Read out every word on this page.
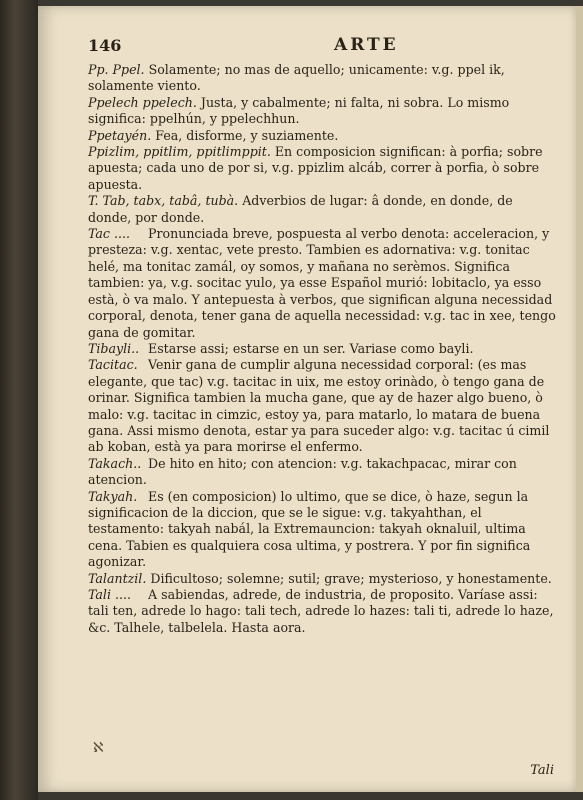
146	ARTE
Pp. Ppel. Solamente; no mas de aquello; unicamente: v.g. ppel ik, solamente viento.
Ppelech ppelech. Justa, y cabalmente; ni falta, ni sobra. Lo mismo significa: ppelhún, y ppelechhun.
Ppetayén. Fea, disforme, y suziamente.
Ppizlim, ppitlim, ppitlimppit. En composicion significan: à porfia; sobre apuesta; cada uno de por si, v.g. ppizlim alcáb, correr à porfia, ò sobre apuesta.
T. Tab, tabx, tabâ, tubà. Adverbios de lugar: â donde, en donde, de donde, por donde.
Tac .... Pronunciada breve, pospuesta al verbo denota: acceleracion, y presteza: v.g. xentac, vete presto. Tambien es adornativa: v.g. tonitac helé, ma tonitac zamál, oy somos, y mañana no serèmos. Significa tambien: ya, v.g. socitac yulo, ya esse Español murió: lobitaclo, ya esso està, ò va malo. Y antepuesta à verbos, que significan alguna necessidad corporal, denota, tener gana de aquella necessidad: v.g. tac in xee, tengo gana de gomitar.
Tibayli.. Estarse assi; estarse en un ser. Variase como bayli.
Tacitac. Venir gana de cumplir alguna necessidad corporal: (es mas elegante, que tac) v.g. tacitac in uix, me estoy orinàdo, ò tengo gana de orinar. Significa tambien la mucha gane, que ay de hazer algo bueno, ò malo: v.g. tacitac in cimzic, estoy ya, para matarlo, lo matara de buena gana. Assi mismo denota, estar ya para suceder algo: v.g. tacitac ú cimil ab koban, està ya para morirse el enfermo.
Takach.. De hito en hito; con atencion: v.g. takachpacac, mirar con atencion.
Takyah. Es (en composicion) lo ultimo, que se dice, ò haze, segun la significacion de la diccion, que se le sigue: v.g. takyahthan, el testamento: takyah nabál, la Extremauncion: takyah oknaluil, ultima cena. Tabien es qualquiera cosa ultima, y postrera. Y por fin significa agonizar.
Talantzil. Dificultoso; solemne; sutil; grave; mysterioso, y honestamente.
Tali .... A sabiendas, adrede, de industria, de proposito. Varíase assi: tali ten, adrede lo hago: tali tech, adrede lo hazes: tali ti, adrede lo haze, &c. Talhele, talbelela. Hasta aora.
ℵ
Tali
